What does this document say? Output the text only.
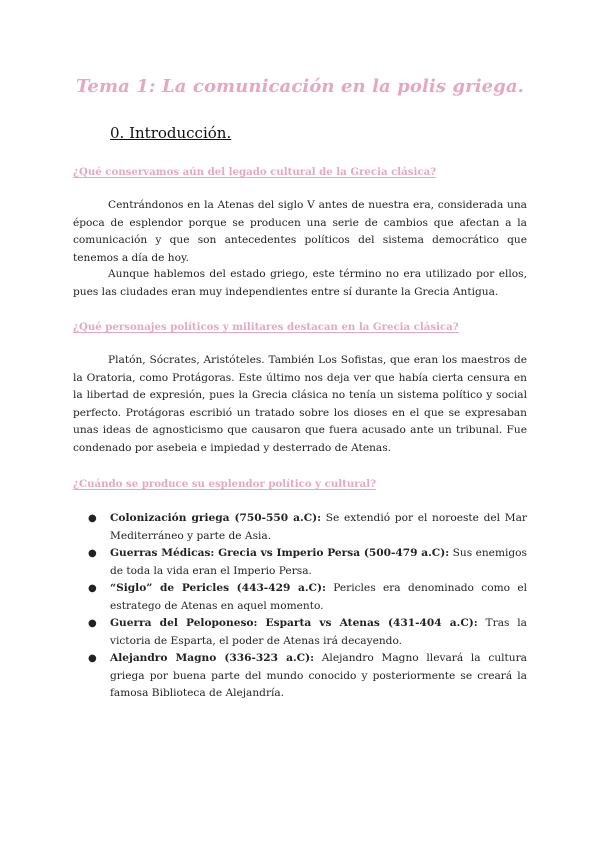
Tema 1: La comunicación en la polis griega.
0. Introducción.
¿Qué conservamos aún del legado cultural de la Grecia clásica?
Centrándonos en la Atenas del siglo V antes de nuestra era, considerada una época de esplendor porque se producen una serie de cambios que afectan a la comunicación y que son antecedentes políticos del sistema democrático que tenemos a día de hoy.
Aunque hablemos del estado griego, este término no era utilizado por ellos, pues las ciudades eran muy independientes entre sí durante la Grecia Antigua.
¿Qué personajes políticos y militares destacan en la Grecia clásica?
Platón, Sócrates, Aristóteles. También Los Sofistas, que eran los maestros de la Oratoria, como Protágoras. Este último nos deja ver que había cierta censura en la libertad de expresión, pues la Grecia clásica no tenía un sistema político y social perfecto. Protágoras escribió un tratado sobre los dioses en el que se expresaban unas ideas de agnosticismo que causaron que fuera acusado ante un tribunal. Fue condenado por asebeia e impiedad y desterrado de Atenas.
¿Cuándo se produce su esplendor político y cultural?
● Colonización griega (750-550 a.C): Se extendió por el noroeste del Mar Mediterráneo y parte de Asia.
● Guerras Médicas: Grecia vs Imperio Persa (500-479 a.C): Sus enemigos de toda la vida eran el Imperio Persa.
● “Siglo” de Pericles (443-429 a.C): Pericles era denominado como el estratego de Atenas en aquel momento.
● Guerra del Peloponeso: Esparta vs Atenas (431-404 a.C): Tras la victoria de Esparta, el poder de Atenas irá decayendo.
● Alejandro Magno (336-323 a.C): Alejandro Magno llevará la cultura griega por buena parte del mundo conocido y posteriormente se creará la famosa Biblioteca de Alejandría.
